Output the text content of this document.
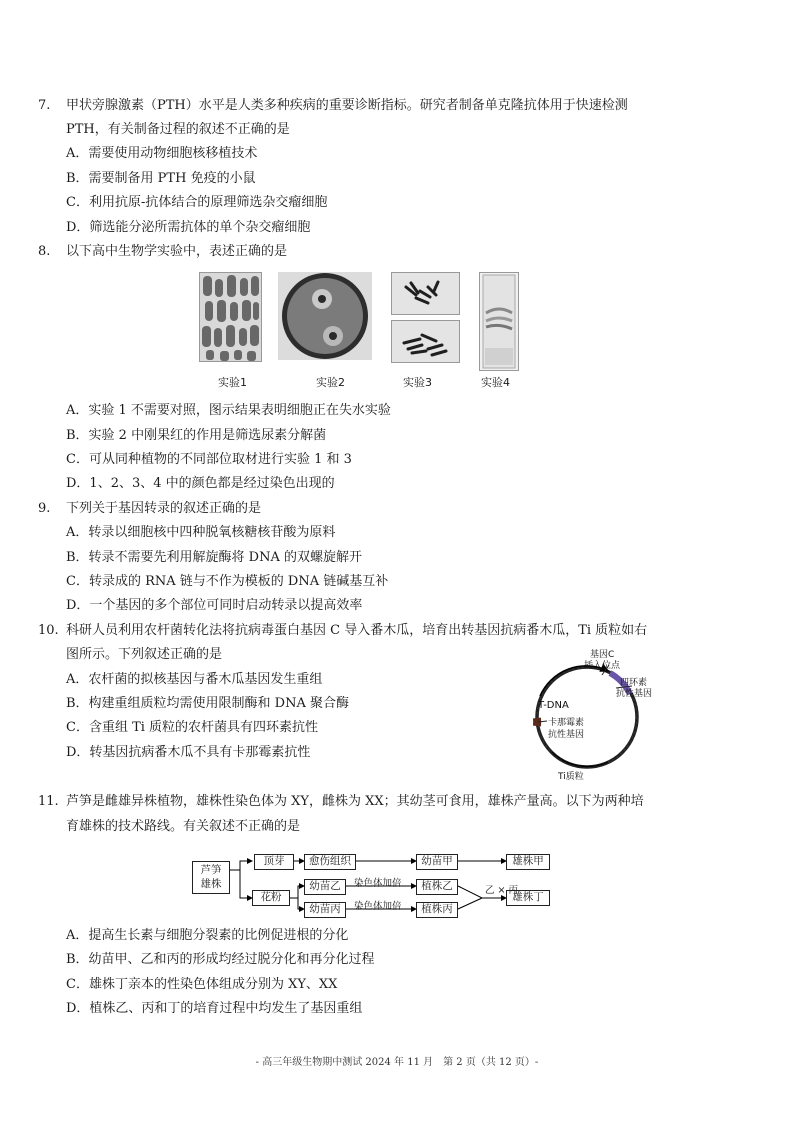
7. 甲状旁腺激素（PTH）水平是人类多种疾病的重要诊断指标。研究者制备单克隆抗体用于快速检测
PTH，有关制备过程的叙述不正确的是
A．需要使用动物细胞核移植技术
B．需要制备用 PTH 免疫的小鼠
C．利用抗原-抗体结合的原理筛选杂交瘤细胞
D．筛选能分泌所需抗体的单个杂交瘤细胞
8. 以下高中生物学实验中，表述正确的是
实验1	实验2	实验3	实验4
A．实验 1 不需要对照，图示结果表明细胞正在失水实验
B．实验 2 中刚果红的作用是筛选尿素分解菌
C．可从同种植物的不同部位取材进行实验 1 和 3
D．1、2、3、4 中的颜色都是经过染色出现的
9. 下列关于基因转录的叙述正确的是
A．转录以细胞核中四种脱氧核糖核苷酸为原料
B．转录不需要先利用解旋酶将 DNA 的双螺旋解开
C．转录成的 RNA 链与不作为模板的 DNA 链碱基互补
D．一个基因的多个部位可同时启动转录以提高效率
10. 科研人员利用农杆菌转化法将抗病毒蛋白基因 C 导入番木瓜，培育出转基因抗病番木瓜，Ti 质粒如右
图所示。下列叙述正确的是
A．农杆菌的拟核基因与番木瓜基因发生重组
B．构建重组质粒均需使用限制酶和 DNA 聚合酶
C．含重组 Ti 质粒的农杆菌具有四环素抗性
D．转基因抗病番木瓜不具有卡那霉素抗性
T-DNA
基因C
插入位点
四环素
抗性基因
卡那霉素
抗性基因
Ti质粒
11. 芦笋是雌雄异株植物，雄株性染色体为 XY，雌株为 XX；其幼茎可食用，雄株产量高。以下为两种培
育雄株的技术路线。有关叙述不正确的是
芦笋
雄株
顶芽	愈伤组织	幼苗甲	雄株甲
花粉
幼苗乙
幼苗丙
植株乙
植株丙
雄株丁
染色体加倍
染色体加倍
乙 × 丙
A．提高生长素与细胞分裂素的比例促进根的分化
B．幼苗甲、乙和丙的形成均经过脱分化和再分化过程
C．雄株丁亲本的性染色体组成分别为 XY、XX
D．植株乙、丙和丁的培育过程中均发生了基因重组
- 高三年级生物期中测试 2024 年 11 月　第 2 页（共 12 页）-
